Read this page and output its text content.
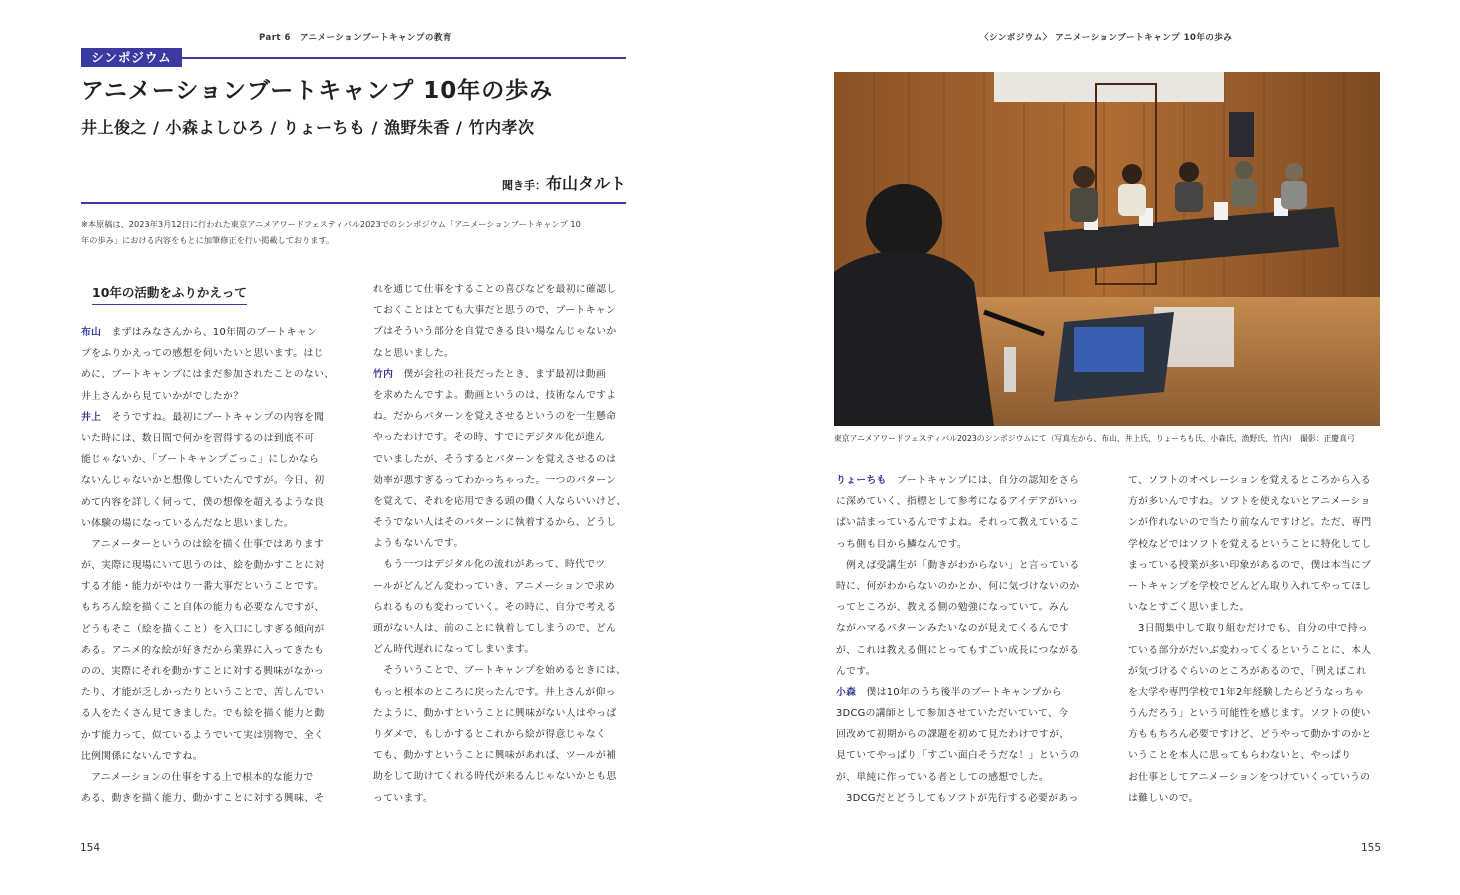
Part 6　アニメーションブートキャンプの教育
シンポジウム
アニメーションブートキャンプ 10年の歩み
井上俊之 / 小森よしひろ / りょーちも / 漁野朱香 / 竹内孝次
聞き手：布山タルト
※本原稿は、2023年3月12日に行われた東京アニメアワードフェスティバル2023でのシンポジウム「アニメーションブートキャンプ 10
年の歩み」における内容をもとに加筆修正を行い掲載しております。
10年の活動をふりかえって
布山　 まずはみなさんから、10年間のブートキャン
プをふりかえっての感想を伺いたいと思います。はじ
めに、ブートキャンプにはまだ参加されたことのない、
井上さんから見ていかがでしたか？
井上　 そうですね。最初にブートキャンプの内容を聞
いた時には、数日間で何かを習得するのは到底不可
能じゃないか、「ブートキャンプごっこ」にしかなら
ないんじゃないかと想像していたんですが。今日、初
めて内容を詳しく伺って、僕の想像を超えるような良
い体験の場になっているんだなと思いました。
　アニメーターというのは絵を描く仕事ではあります
が、実際に現場にいて思うのは、絵を動かすことに対
する才能・能力がやはり一番大事だということです。
もちろん絵を描くこと自体の能力も必要なんですが、
どうもそこ（絵を描くこと）を入口にしすぎる傾向が
ある。アニメ的な絵が好きだから業界に入ってきたも
のの、実際にそれを動かすことに対する興味がなかっ
たり、才能が乏しかったりということで、苦しんでい
る人をたくさん見てきました。でも絵を描く能力と動
かす能力って、似ているようでいて実は別物で、全く
比例関係にないんですね。
　アニメーションの仕事をする上で根本的な能力で
ある、動きを描く能力、動かすことに対する興味、そ
れを通じて仕事をすることの喜びなどを最初に確認し
ておくことはとても大事だと思うので、ブートキャン
プはそういう部分を自覚できる良い場なんじゃないか
なと思いました。
竹内　 僕が会社の社長だったとき、まず最初は動画
を求めたんですよ。動画というのは、技術なんですよ
ね。だからパターンを覚えさせるというのを一生懸命
やったわけです。その時、すでにデジタル化が進ん
でいましたが、そうするとパターンを覚えさせるのは
効率が悪すぎるってわかっちゃった。一つのパターン
を覚えて、それを応用できる頭の働く人ならいいけど、
そうでない人はそのパターンに執着するから、どうし
ようもないんです。
　もう一つはデジタル化の流れがあって、時代でツ
ールがどんどん変わっていき、アニメーションで求め
られるものも変わっていく。その時に、自分で考える
頭がない人は、前のことに執着してしまうので、どん
どん時代遅れになってしまいます。
　そういうことで、ブートキャンプを始めるときには、
もっと根本のところに戻ったんです。井上さんが仰っ
たように、動かすということに興味がない人はやっぱ
りダメで、もしかするとこれから絵が得意じゃなく
ても、動かすということに興味があれば、ツールが補
助をして助けてくれる時代が来るんじゃないかとも思
っています。
154
〈シンポジウム〉 アニメーションブートキャンプ 10年の歩み
東京アニメアワードフェスティバル2023のシンポジウムにて（写真左から、布山、井上氏、りょーちも氏、小森氏、漁野氏、竹内）　撮影：正慶真弓
りょーちも　 ブートキャンプには、自分の認知をさら
に深めていく、指標として参考になるアイデアがいっ
ぱい詰まっているんですよね。それって教えているこ
っち側も目から鱗なんです。
　例えば受講生が「動きがわからない」と言っている
時に、何がわからないのかとか、何に気づけないのか
ってところが、教える側の勉強になっていて。みん
ながハマるパターンみたいなのが見えてくるんです
が、これは教える側にとってもすごい成長につながる
んです。
小森　 僕は10年のうち後半のブートキャンプから
3DCGの講師として参加させていただいていて、今
回改めて初期からの課題を初めて見たわけですが、
見ていてやっぱり「すごい面白そうだな！」というの
が、単純に作っている者としての感想でした。
　3DCGだとどうしてもソフトが先行する必要があっ
て、ソフトのオペレーションを覚えるところから入る
方が多いんですね。ソフトを使えないとアニメーショ
ンが作れないので当たり前なんですけど。ただ、専門
学校などではソフトを覚えるということに特化してし
まっている授業が多い印象があるので、僕は本当にブ
ートキャンプを学校でどんどん取り入れてやってほし
いなとすごく思いました。
　3日間集中して取り組むだけでも、自分の中で持っ
ている部分がだいぶ変わってくるということに、本人
が気づけるぐらいのところがあるので、「例えばこれ
を大学や専門学校で1年2年経験したらどうなっちゃ
うんだろう」という可能性を感じます。ソフトの使い
方ももちろん必要ですけど、どうやって動かすのかと
いうことを本人に思ってもらわないと、やっぱり
お仕事としてアニメーションをつけていくっていうの
は難しいので。
155
